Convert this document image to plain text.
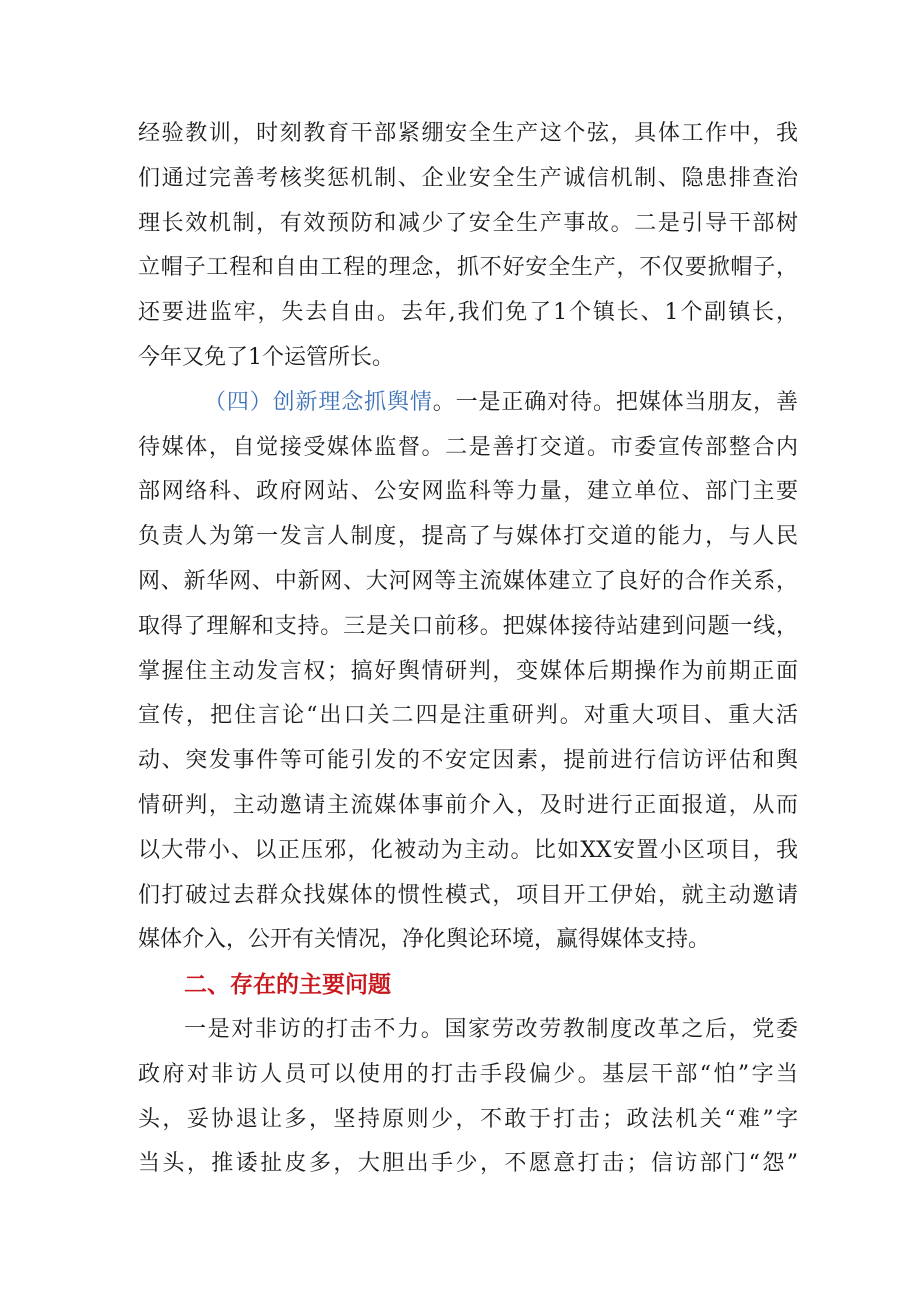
经验教训，时刻教育干部紧绷安全生产这个弦，具体工作中，我
们通过完善考核奖惩机制、企业安全生产诚信机制、隐患排查治
理长效机制，有效预防和减少了安全生产事故。二是引导干部树
立帽子工程和自由工程的理念，抓不好安全生产，不仅要掀帽子，
还要进监牢，失去自由。去年,我们免了1个镇长、1个副镇长，
今年又免了1个运管所长。
（四）创新理念抓舆情。一是正确对待。把媒体当朋友，善
待媒体，自觉接受媒体监督。二是善打交道。市委宣传部整合内
部网络科、政府网站、公安网监科等力量，建立单位、部门主要
负责人为第一发言人制度，提高了与媒体打交道的能力，与人民
网、新华网、中新网、大河网等主流媒体建立了良好的合作关系，
取得了理解和支持。三是关口前移。把媒体接待站建到问题一线，
掌握住主动发言权；搞好舆情研判，变媒体后期操作为前期正面
宣传，把住言论“出口关二四是注重研判。对重大项目、重大活
动、突发事件等可能引发的不安定因素，提前进行信访评估和舆
情研判，主动邀请主流媒体事前介入，及时进行正面报道，从而
以大带小、以正压邪，化被动为主动。比如XX安置小区项目，我
们打破过去群众找媒体的惯性模式，项目开工伊始，就主动邀请
媒体介入，公开有关情况，净化舆论环境，赢得媒体支持。
二、存在的主要问题
一是对非访的打击不力。国家劳改劳教制度改革之后，党委
政府对非访人员可以使用的打击手段偏少。基层干部“怕”字当
头，妥协退让多，坚持原则少，不敢于打击；政法机关“难”字
当头，推诿扯皮多，大胆出手少，不愿意打击；信访部门“怨”
